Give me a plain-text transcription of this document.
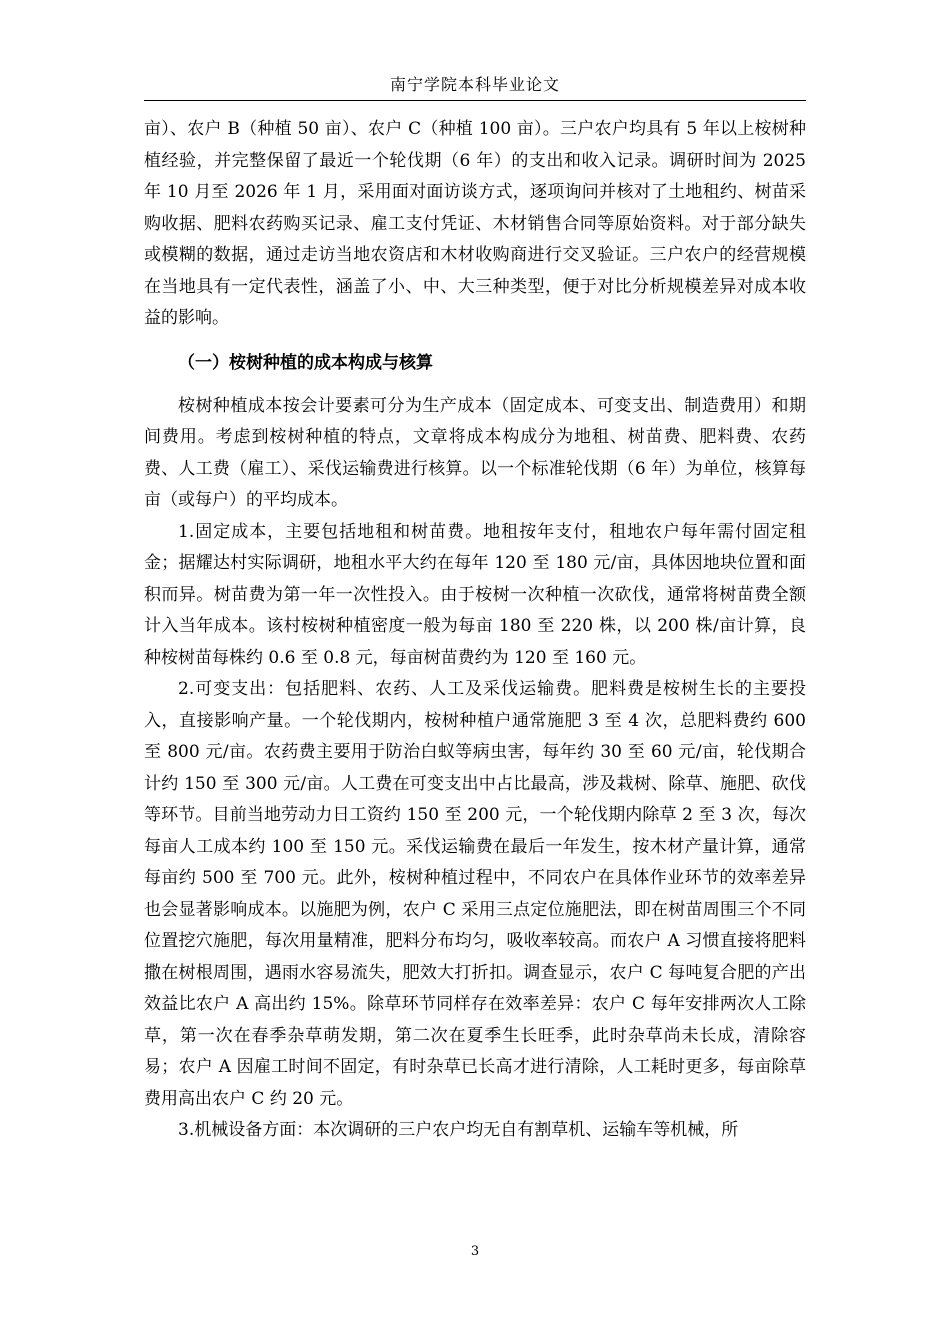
南宁学院本科毕业论文

亩）、农户 B（种植 50 亩）、农户 C（种植 100 亩）。三户农户均具有 5 年以上桉树种植经验，并完整保留了最近一个轮伐期（6 年）的支出和收入记录。调研时间为 2025 年 10 月至 2026 年 1 月，采用面对面访谈方式，逐项询问并核对了土地租约、树苗采购收据、肥料农药购买记录、雇工支付凭证、木材销售合同等原始资料。对于部分缺失或模糊的数据，通过走访当地农资店和木材收购商进行交叉验证。三户农户的经营规模在当地具有一定代表性，涵盖了小、中、大三种类型，便于对比分析规模差异对成本收益的影响。

（一）桉树种植的成本构成与核算

桉树种植成本按会计要素可分为生产成本（固定成本、可变支出、制造费用）和期间费用。考虑到桉树种植的特点，文章将成本构成分为地租、树苗费、肥料费、农药费、人工费（雇工）、采伐运输费进行核算。以一个标准轮伐期（6 年）为单位，核算每亩（或每户）的平均成本。

1.固定成本，主要包括地租和树苗费。地租按年支付，租地农户每年需付固定租金；据耀达村实际调研，地租水平大约在每年 120 至 180 元/亩，具体因地块位置和面积而异。树苗费为第一年一次性投入。由于桉树一次种植一次砍伐，通常将树苗费全额计入当年成本。该村桉树种植密度一般为每亩 180 至 220 株，以 200 株/亩计算，良种桉树苗每株约 0.6 至 0.8 元，每亩树苗费约为 120 至 160 元。

2.可变支出：包括肥料、农药、人工及采伐运输费。肥料费是桉树生长的主要投入，直接影响产量。一个轮伐期内，桉树种植户通常施肥 3 至 4 次，总肥料费约 600 至 800 元/亩。农药费主要用于防治白蚁等病虫害，每年约 30 至 60 元/亩，轮伐期合计约 150 至 300 元/亩。人工费在可变支出中占比最高，涉及栽树、除草、施肥、砍伐等环节。目前当地劳动力日工资约 150 至 200 元，一个轮伐期内除草 2 至 3 次，每次每亩人工成本约 100 至 150 元。采伐运输费在最后一年发生，按木材产量计算，通常每亩约 500 至 700 元。此外，桉树种植过程中，不同农户在具体作业环节的效率差异也会显著影响成本。以施肥为例，农户 C 采用三点定位施肥法，即在树苗周围三个不同位置挖穴施肥，每次用量精准，肥料分布均匀，吸收率较高。而农户 A 习惯直接将肥料撒在树根周围，遇雨水容易流失，肥效大打折扣。调查显示，农户 C 每吨复合肥的产出效益比农户 A 高出约 15%。除草环节同样存在效率差异：农户 C 每年安排两次人工除草，第一次在春季杂草萌发期，第二次在夏季生长旺季，此时杂草尚未长成，清除容易；农户 A 因雇工时间不固定，有时杂草已长高才进行清除，人工耗时更多，每亩除草费用高出农户 C 约 20 元。

3.机械设备方面：本次调研的三户农户均无自有割草机、运输车等机械，所

3
